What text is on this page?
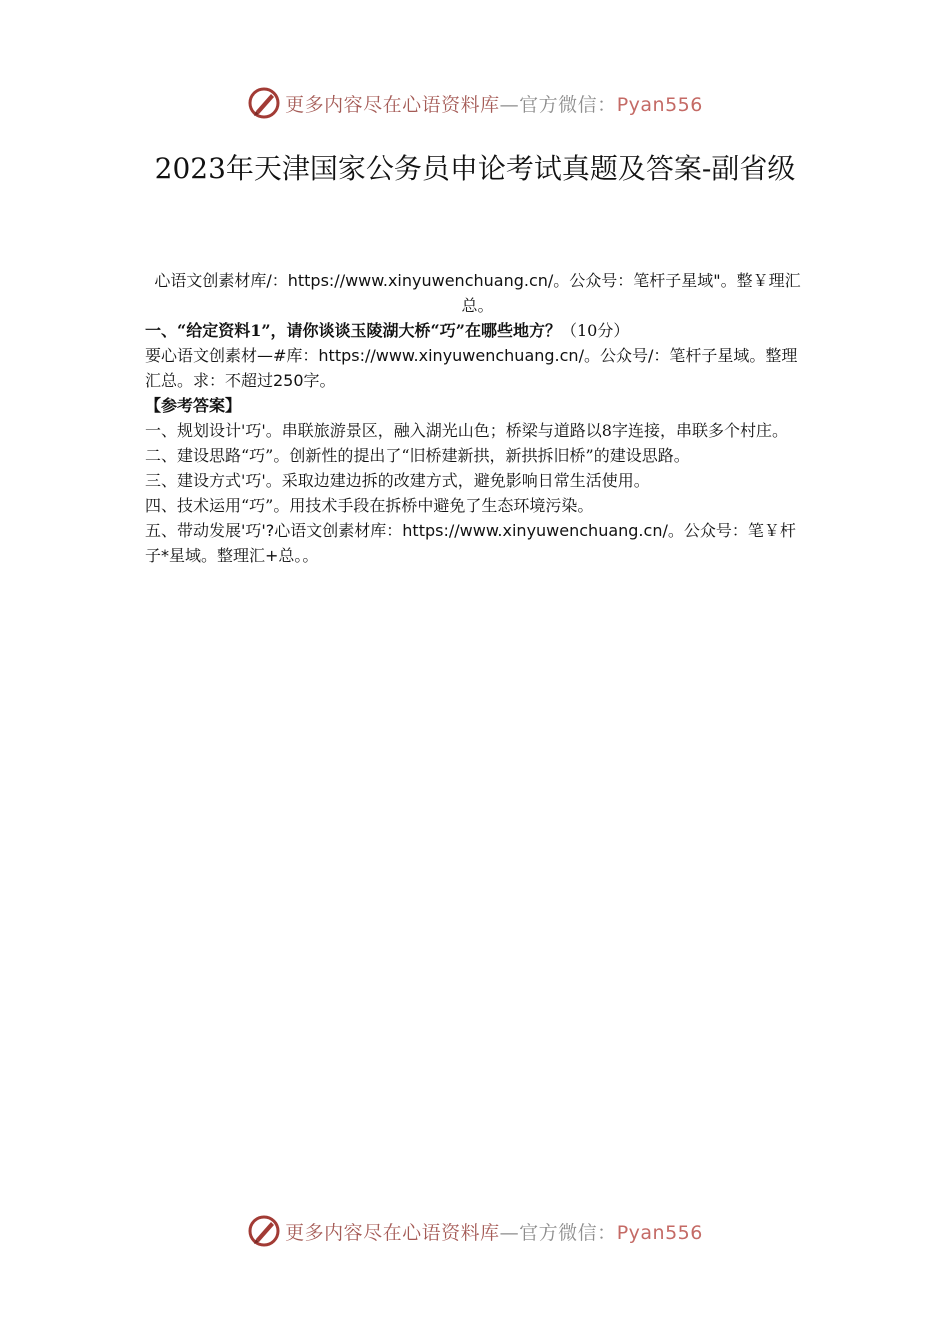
更多内容尽在心语资料库—官方微信：Pyan556
2023年天津国家公务员申论考试真题及答案-副省级

心语文创素材库/：https://www.xinyuwenchuang.cn/。公众号：笔杆子星域"。整￥理汇总。

一、“给定资料1”，请你谈谈玉陵湖大桥“巧”在哪些地方？（10分）

要心语文创素材—#库：https://www.xinyuwenchuang.cn/。公众号/：笔杆子星域。整理汇总。求：不超过250字。

【参考答案】

一、规划设计'巧'。串联旅游景区，融入湖光山色；桥梁与道路以8字连接，串联多个村庄。

二、建设思路“巧”。创新性的提出了“旧桥建新拱，新拱拆旧桥”的建设思路。

三、建设方式'巧'。采取边建边拆的改建方式，避免影响日常生活使用。

四、技术运用“巧”。用技术手段在拆桥中避免了生态环境污染。

五、带动发展'巧'?心语文创素材库：https://www.xinyuwenchuang.cn/。公众号：笔￥杆子*星域。整理汇+总。。

更多内容尽在心语资料库—官方微信：Pyan556
